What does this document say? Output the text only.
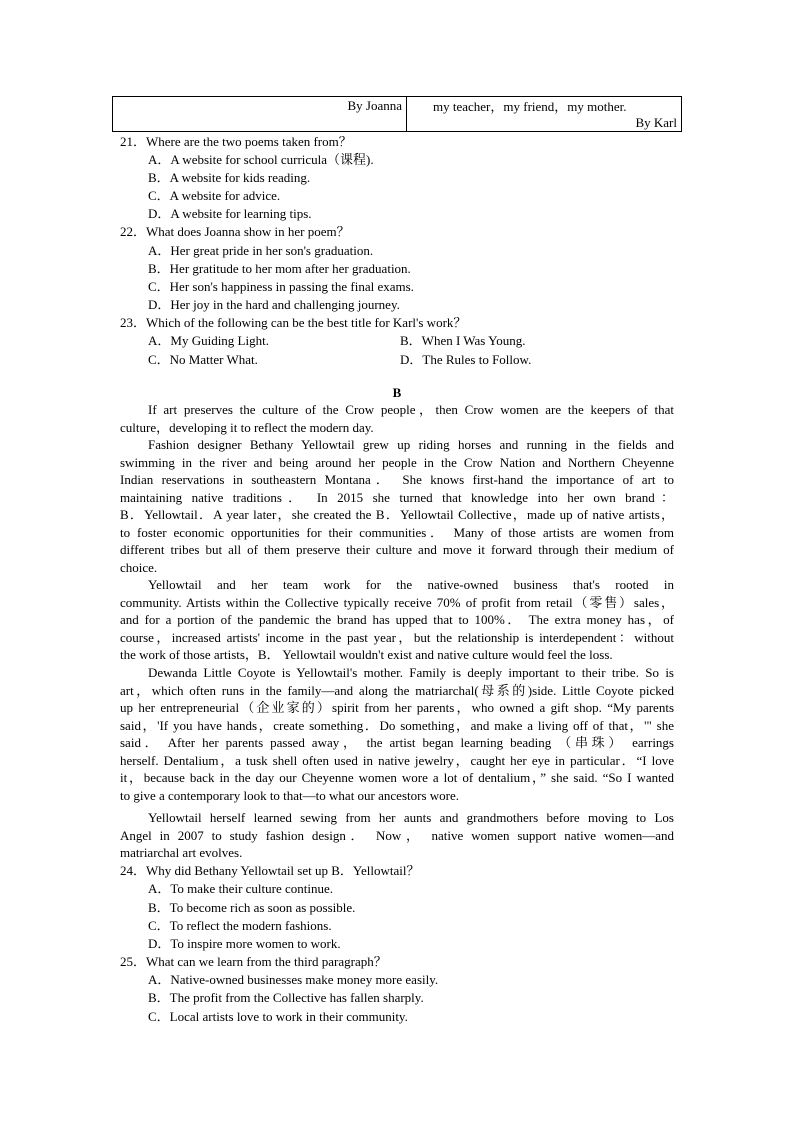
By Joanna	my teacher，my friend，my mother.
By Karl
21．Where are the two poems taken from？
A．A website for school curricula（课程).
B．A website for kids reading.
C．A website for advice.
D．A website for learning tips.
22．What does Joanna show in her poem？
A．Her great pride in her son's graduation.
B．Her gratitude to her mom after her graduation.
C．Her son's happiness in passing the final exams.
D．Her joy in the hard and challenging journey.
23．Which of the following can be the best title for Karl's work？
A．My Guiding Light.	B．When I Was Young.
C．No Matter What.	D．The Rules to Follow.
B
If art preserves the culture of the Crow people，then Crow women are the keepers of that
culture，developing it to reflect the modern day.
Fashion designer Bethany Yellowtail grew up riding horses and running in the fields and
swimming in the river and being around her people in the Crow Nation and Northern Cheyenne
Indian reservations in southeastern Montana． She knows first-hand the importance of art to
maintaining native traditions． In 2015 she turned that knowledge into her own brand：
B．Yellowtail．A year later，she created the B．Yellowtail Collective，made up of native artists，
to foster economic opportunities for their communities． Many of those artists are women from
different tribes but all of them preserve their culture and move it forward through their medium of
choice.
Yellowtail and her team work for the native-owned business that's rooted in
community. Artists within the Collective typically receive 70% of profit from retail（零售）sales，
and for a portion of the pandemic the brand has upped that to 100%． The extra money has，of
course，increased artists' income in the past year，but the relationship is interdependent：without
the work of those artists，B． Yellowtail wouldn't exist and native culture would feel the loss.
Dewanda Little Coyote is Yellowtail's mother. Family is deeply important to their tribe. So is
art，which often runs in the family—and along the matriarchal(母系的)side. Little Coyote picked
up her entrepreneurial（企业家的）spirit from her parents，who owned a gift shop. “My parents
said，'If you have hands，create something．Do something，and make a living off of that，'" she
said． After her parents passed away， the artist began learning beading （串珠） earrings
herself. Dentalium，a tusk shell often used in native jewelry，caught her eye in particular．“I love
it，because back in the day our Cheyenne women wore a lot of dentalium，” she said. “So I wanted
to give a contemporary look to that—to what our ancestors wore.
Yellowtail herself learned sewing from her aunts and grandmothers before moving to Los
Angel in 2007 to study fashion design． Now， native women support native women—and
matriarchal art evolves.
24．Why did Bethany Yellowtail set up B．Yellowtail？
A．To make their culture continue.
B．To become rich as soon as possible.
C．To reflect the modern fashions.
D．To inspire more women to work.
25．What can we learn from the third paragraph？
A．Native-owned businesses make money more easily.
B．The profit from the Collective has fallen sharply.
C．Local artists love to work in their community.
